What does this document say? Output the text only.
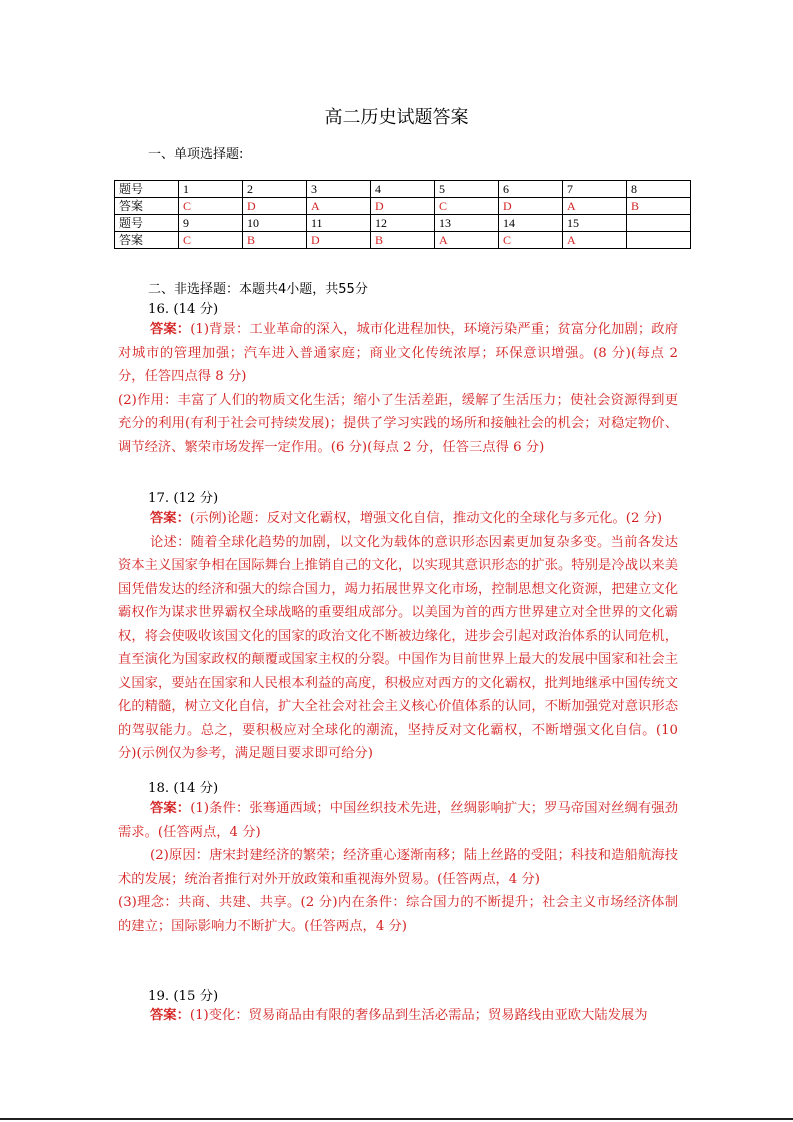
高二历史试题答案
一、单项选择题:
题号	1	2	3	4	5	6	7	8
答案	C	D	A	D	C	D	A	B
题号	9	10	11	12	13	14	15	
答案	C	B	D	B	A	C	A	
二、非选择题：本题共4小题，共55分
16. (14 分)
答案：(1)背景：工业革命的深入，城市化进程加快，环境污染严重；贫富分化加剧；政府对城市的管理加强；汽车进入普通家庭；商业文化传统浓厚；环保意识增强。(8 分)(每点 2 分，任答四点得 8 分)
(2)作用：丰富了人们的物质文化生活；缩小了生活差距，缓解了生活压力；使社会资源得到更充分的利用(有利于社会可持续发展)；提供了学习实践的场所和接触社会的机会；对稳定物价、调节经济、繁荣市场发挥一定作用。(6 分)(每点 2 分，任答三点得 6 分)
17. (12 分)
答案：(示例)论题：反对文化霸权，增强文化自信，推动文化的全球化与多元化。(2 分)
论述：随着全球化趋势的加剧，以文化为载体的意识形态因素更加复杂多变。当前各发达资本主义国家争相在国际舞台上推销自己的文化，以实现其意识形态的扩张。特别是冷战以来美国凭借发达的经济和强大的综合国力，竭力拓展世界文化市场，控制思想文化资源，把建立文化霸权作为谋求世界霸权全球战略的重要组成部分。以美国为首的西方世界建立对全世界的文化霸权，将会使吸收该国文化的国家的政治文化不断被边缘化，进步会引起对政治体系的认同危机，直至演化为国家政权的颠覆或国家主权的分裂。中国作为目前世界上最大的发展中国家和社会主义国家，要站在国家和人民根本利益的高度，积极应对西方的文化霸权，批判地继承中国传统文化的精髓，树立文化自信，扩大全社会对社会主义核心价值体系的认同，不断加强党对意识形态的驾驭能力。总之，要积极应对全球化的潮流，坚持反对文化霸权，不断增强文化自信。(10 分)(示例仅为参考，满足题目要求即可给分)
18. (14 分)
答案：(1)条件：张骞通西域；中国丝织技术先进，丝绸影响扩大；罗马帝国对丝绸有强劲需求。(任答两点，4 分)
(2)原因：唐宋封建经济的繁荣；经济重心逐渐南移；陆上丝路的受阻；科技和造船航海技术的发展；统治者推行对外开放政策和重视海外贸易。(任答两点，4 分)
(3)理念：共商、共建、共享。(2 分)内在条件：综合国力的不断提升；社会主义市场经济体制的建立；国际影响力不断扩大。(任答两点，4 分)
19. (15 分)
答案：(1)变化：贸易商品由有限的奢侈品到生活必需品；贸易路线由亚欧大陆发展为
